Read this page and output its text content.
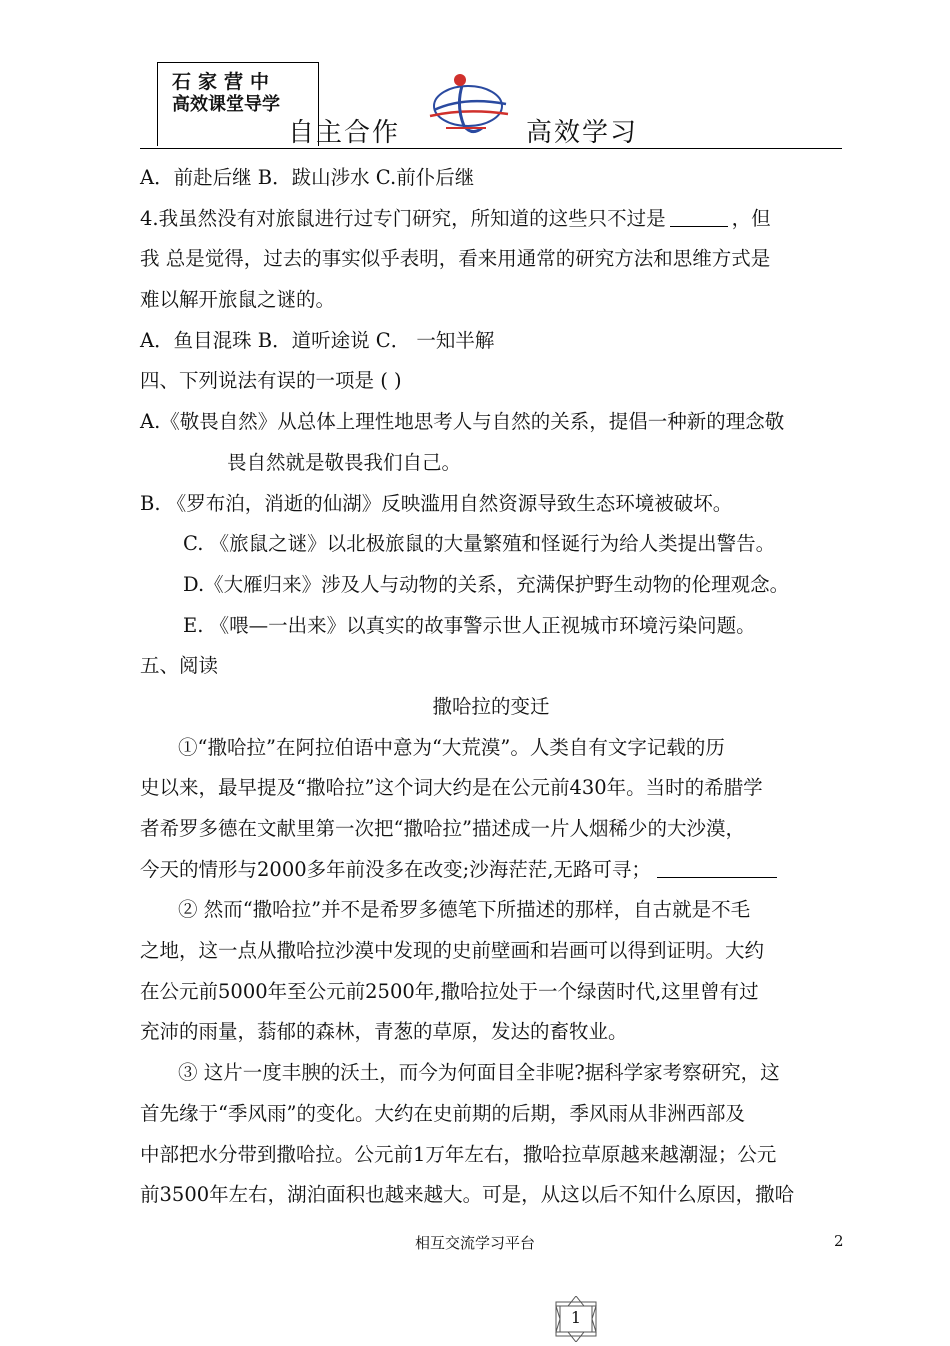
石家营中
高效课堂导学
自主合作	高效学习
A．前赴后继 B．跋山涉水 C.前仆后继
4.我虽然没有对旅鼠进行过专门研究，所知道的这些只不过是	，但
我 总是觉得，过去的事实似乎表明，看来用通常的研究方法和思维方式是
难以解开旅鼠之谜的。
A．鱼目混珠 B．道听途说 C． 一知半解
四、下列说法有误的一项是 ( )
A.《敬畏自然》从总体上理性地思考人与自然的关系，提倡一种新的理念敬
畏自然就是敬畏我们自己。
B. 《罗布泊，消逝的仙湖》反映滥用自然资源导致生态环境被破坏。
C. 《旅鼠之谜》以北极旅鼠的大量繁殖和怪诞行为给人类提出警告。
D.《大雁归来》涉及人与动物的关系，充满保护野生动物的伦理观念。
E. 《喂—一出来》以真实的故事警示世人正视城市环境污染问题。
五、阅读
撒哈拉的变迁
①“撒哈拉”在阿拉伯语中意为“大荒漠”。人类自有文字记载的历
史以来，最早提及“撒哈拉”这个词大约是在公元前430年。当时的希腊学
者希罗多德在文献里第一次把“撒哈拉”描述成一片人烟稀少的大沙漠，
今天的情形与2000多年前没多在改变;沙海茫茫,无路可寻；
② 然而“撒哈拉”并不是希罗多德笔下所描述的那样，自古就是不毛
之地，这一点从撒哈拉沙漠中发现的史前壁画和岩画可以得到证明。大约
在公元前5000年至公元前2500年,撒哈拉处于一个绿茵时代,这里曾有过
充沛的雨量，蓊郁的森林，青葱的草原，发达的畜牧业。
③ 这片一度丰腴的沃土，而今为何面目全非呢?据科学家考察研究，这
首先缘于“季风雨”的变化。大约在史前期的后期，季风雨从非洲西部及
中部把水分带到撒哈拉。公元前1万年左右，撒哈拉草原越来越潮湿；公元
前3500年左右，湖泊面积也越来越大。可是，从这以后不知什么原因，撒哈
相互交流学习平台	2
1
